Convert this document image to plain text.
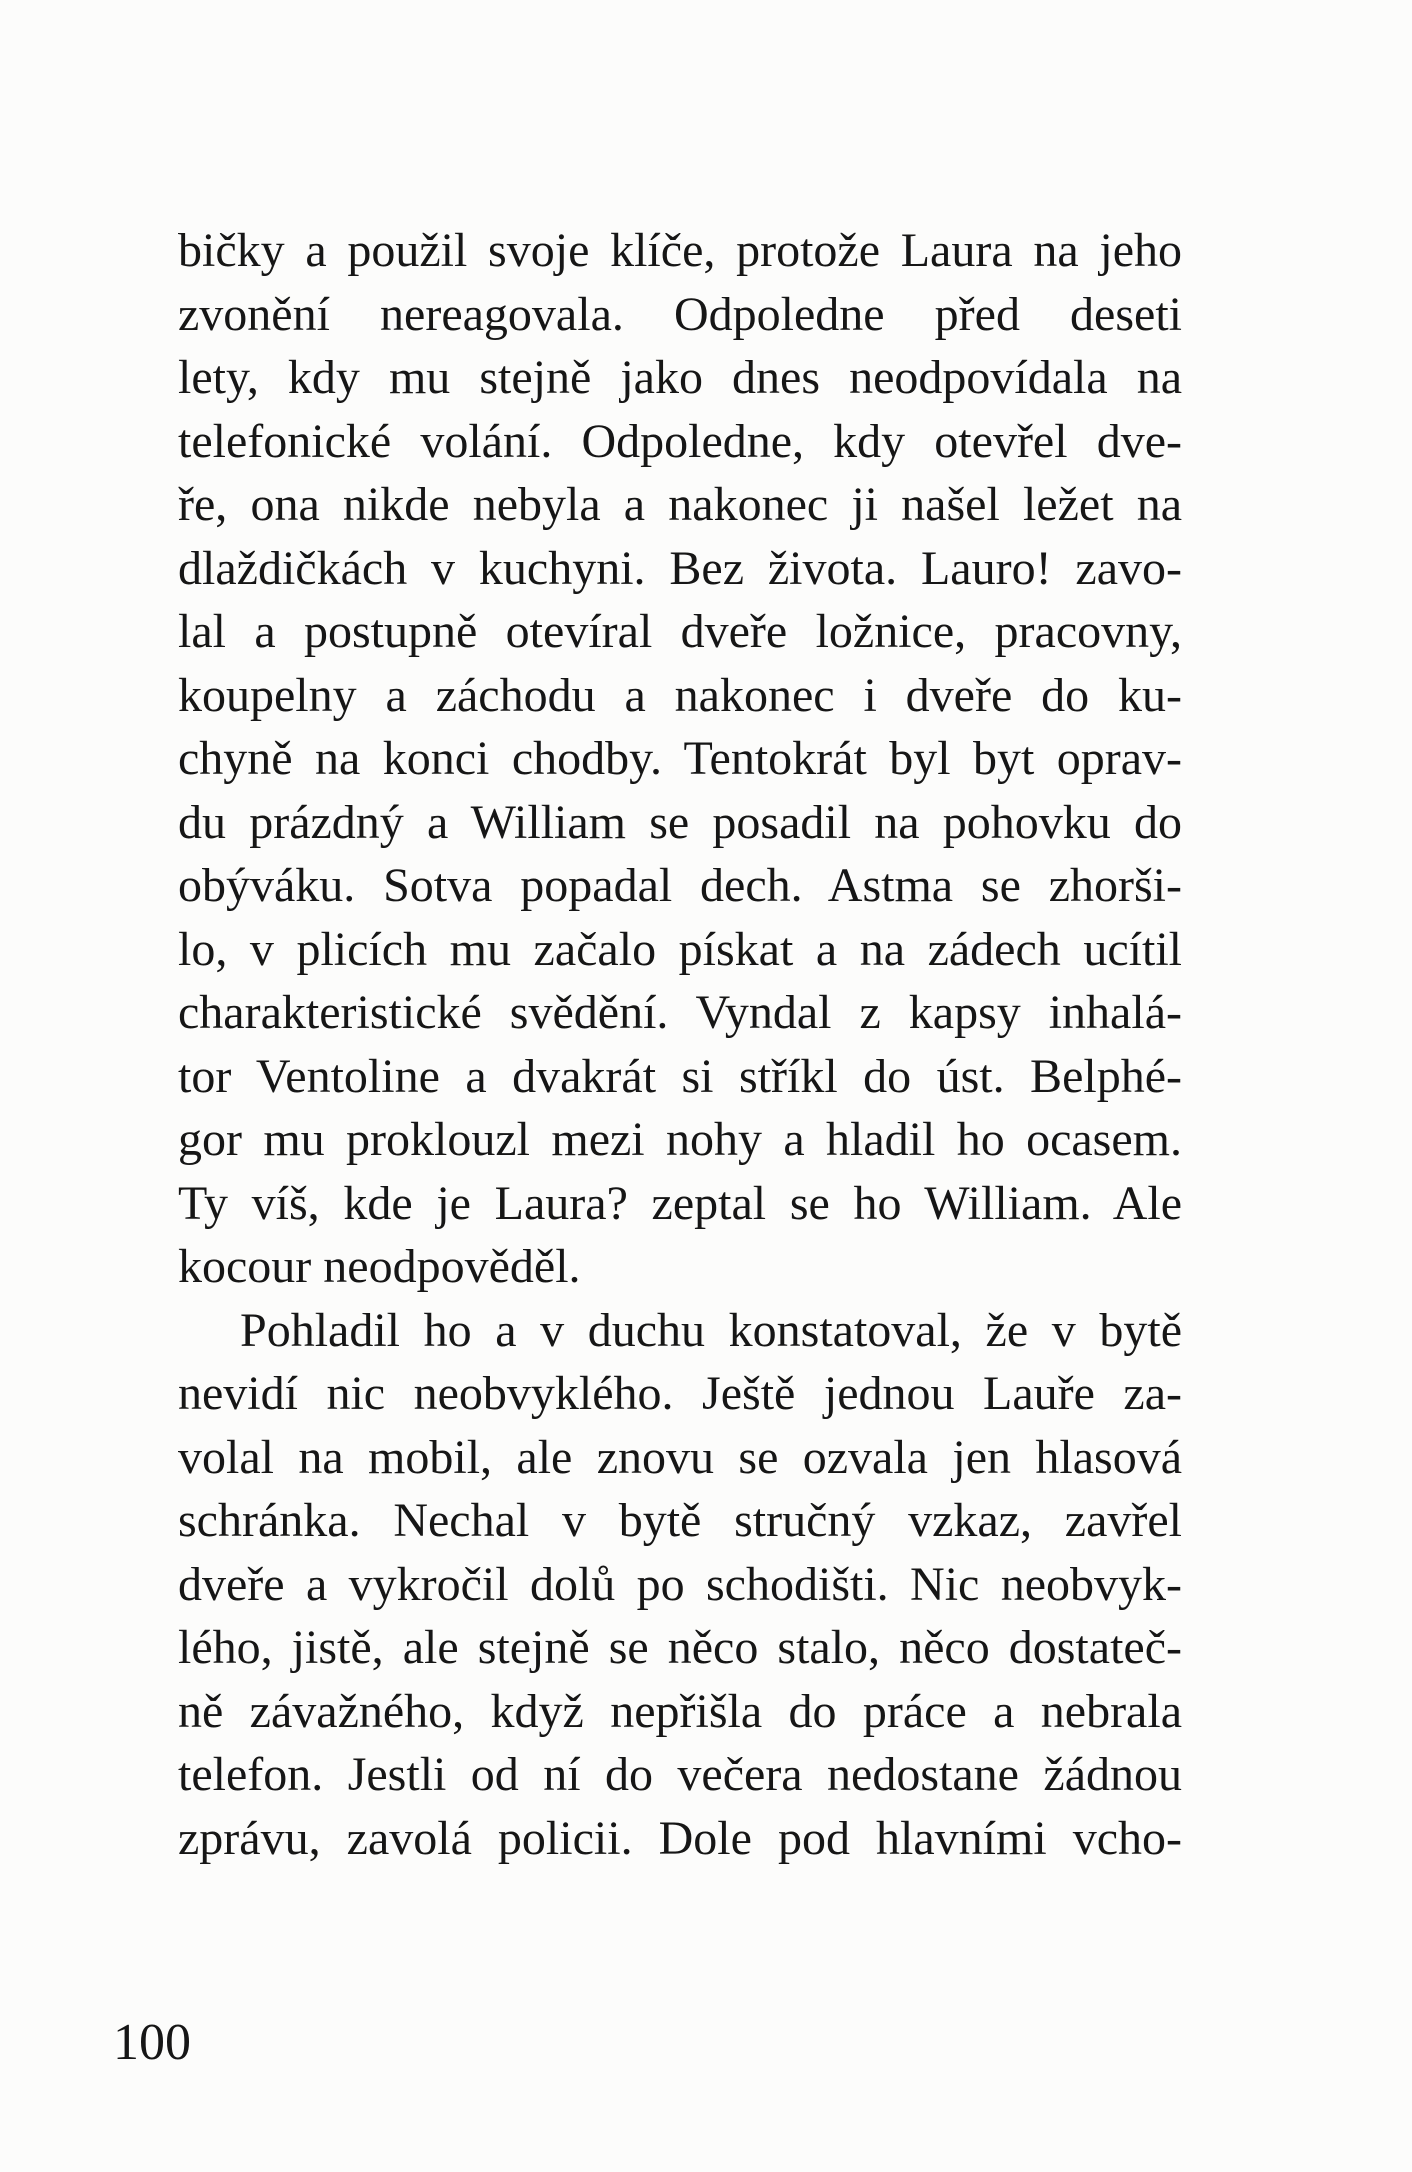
bičky a použil svoje klíče, protože Laura na jeho
zvonění nereagovala. Odpoledne před deseti
lety, kdy mu stejně jako dnes neodpovídala na
telefonické volání. Odpoledne, kdy otevřel dve-
ře, ona nikde nebyla a nakonec ji našel ležet na
dlaždičkách v kuchyni. Bez života. Lauro! zavo-
lal a postupně otevíral dveře ložnice, pracovny,
koupelny a záchodu a nakonec i dveře do ku-
chyně na konci chodby. Tentokrát byl byt oprav-
du prázdný a William se posadil na pohovku do
obýváku. Sotva popadal dech. Astma se zhorši-
lo, v plicích mu začalo pískat a na zádech ucítil
charakteristické svědění. Vyndal z kapsy inhalá-
tor Ventoline a dvakrát si stříkl do úst. Belphé-
gor mu proklouzl mezi nohy a hladil ho ocasem.
Ty víš, kde je Laura? zeptal se ho William. Ale
kocour neodpověděl.
Pohladil ho a v duchu konstatoval, že v bytě
nevidí nic neobvyklého. Ještě jednou Lauře za-
volal na mobil, ale znovu se ozvala jen hlasová
schránka. Nechal v bytě stručný vzkaz, zavřel
dveře a vykročil dolů po schodišti. Nic neobvyk-
lého, jistě, ale stejně se něco stalo, něco dostateč-
ně závažného, když nepřišla do práce a nebrala
telefon. Jestli od ní do večera nedostane žádnou
zprávu, zavolá policii. Dole pod hlavními vcho-
100
